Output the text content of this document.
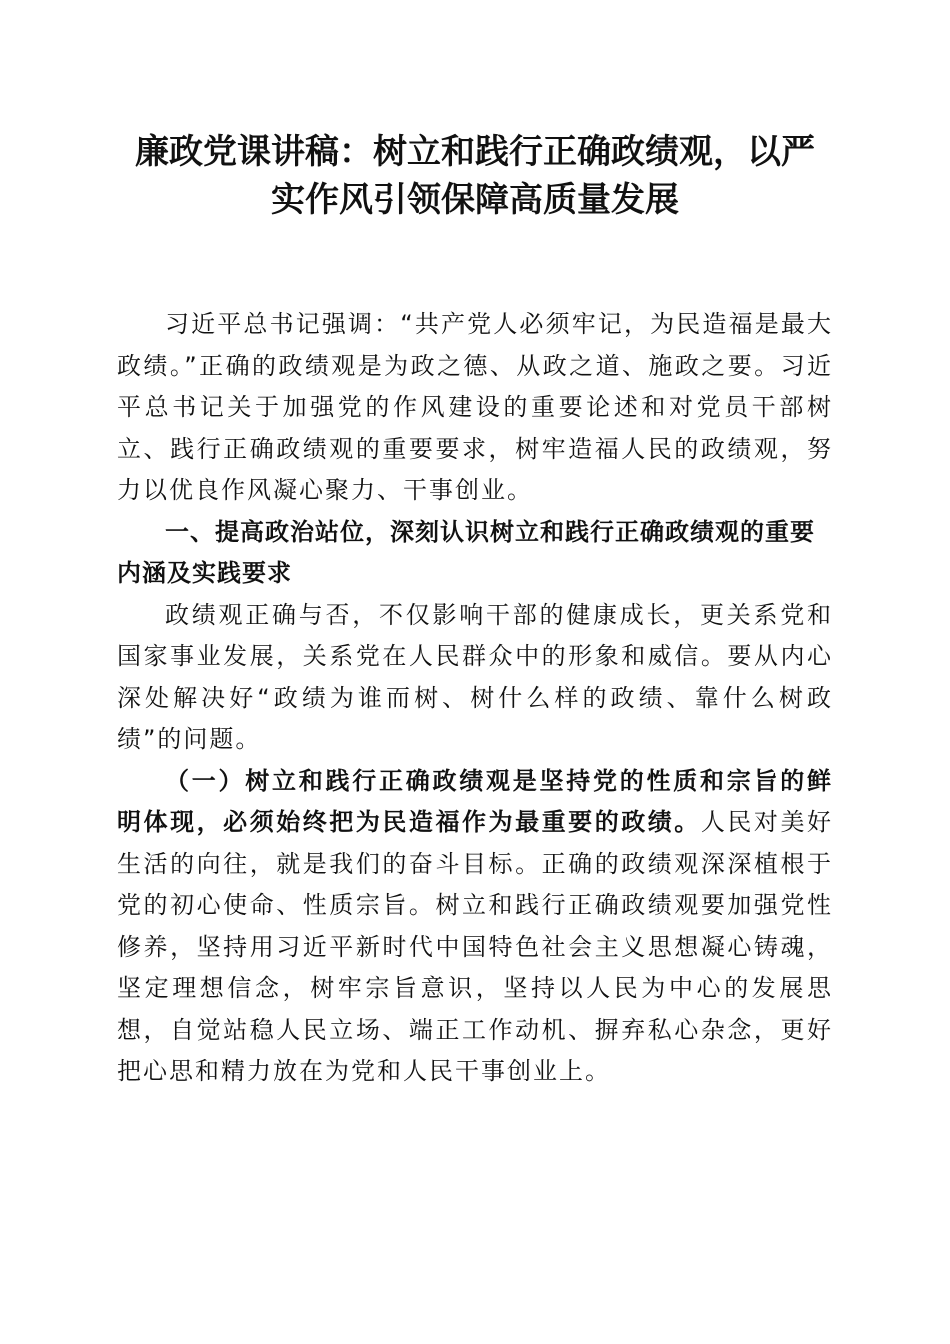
廉政党课讲稿：树立和践行正确政绩观，以严
实作风引领保障高质量发展

习近平总书记强调：“共产党人必须牢记，为民造福是最大政绩。”正确的政绩观是为政之德、从政之道、施政之要。习近平总书记关于加强党的作风建设的重要论述和对党员干部树立、践行正确政绩观的重要要求，树牢造福人民的政绩观，努力以优良作风凝心聚力、干事创业。

一、提高政治站位，深刻认识树立和践行正确政绩观的重要内涵及实践要求

政绩观正确与否，不仅影响干部的健康成长，更关系党和国家事业发展，关系党在人民群众中的形象和威信。要从内心深处解决好“政绩为谁而树、树什么样的政绩、靠什么树政绩”的问题。

（一）树立和践行正确政绩观是坚持党的性质和宗旨的鲜明体现，必须始终把为民造福作为最重要的政绩。人民对美好生活的向往，就是我们的奋斗目标。正确的政绩观深深植根于党的初心使命、性质宗旨。树立和践行正确政绩观要加强党性修养，坚持用习近平新时代中国特色社会主义思想凝心铸魂，坚定理想信念，树牢宗旨意识，坚持以人民为中心的发展思想，自觉站稳人民立场、端正工作动机、摒弃私心杂念，更好把心思和精力放在为党和人民干事创业上。
